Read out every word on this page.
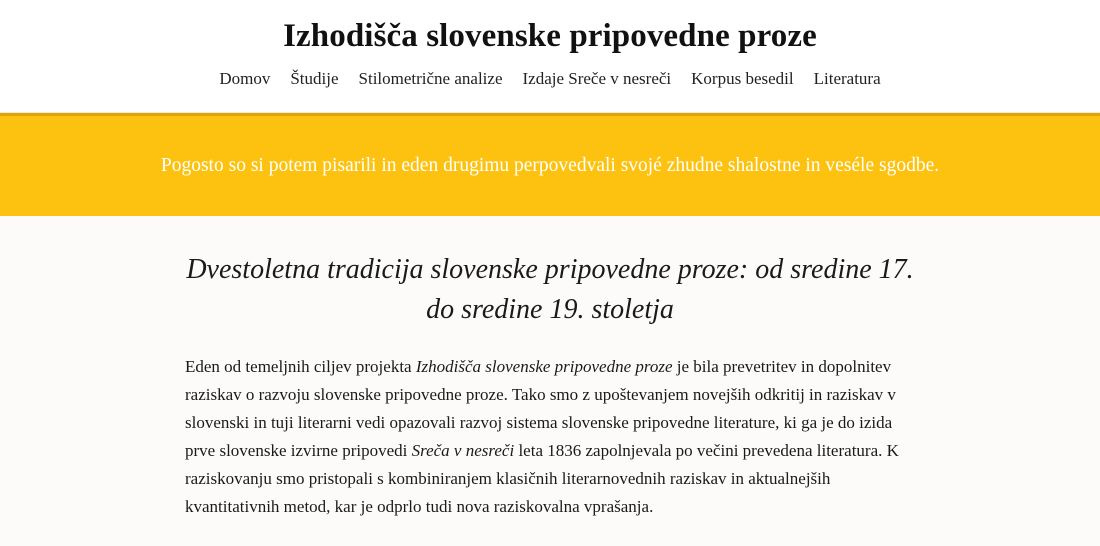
Izhodišča slovenske pripovedne proze
Domov Študije Stilometrične analize Izdaje Sreče v nesreči Korpus besedil Literatura

Pogosto so si potem pisarili in eden drugimu perpovedvali svojé zhudne shalostne in veséle sgodbe.

Dvestoletna tradicija slovenske pripovedne proze: od sredine 17. do sredine 19. stoletja

Eden od temeljnih ciljev projekta Izhodišča slovenske pripovedne proze je bila prevetritev in dopolnitev raziskav o razvoju slovenske pripovedne proze. Tako smo z upoštevanjem novejših odkritij in raziskav v slovenski in tuji literarni vedi opazovali razvoj sistema slovenske pripovedne literature, ki ga je do izida prve slovenske izvirne pripovedi Sreča v nesreči leta 1836 zapolnjevala po večini prevedena literatura. K raziskovanju smo pristopali s kombiniranjem klasičnih literarnovednih raziskav in aktualnejših kvantitativnih metod, kar je odprlo tudi nova raziskovalna vprašanja.
